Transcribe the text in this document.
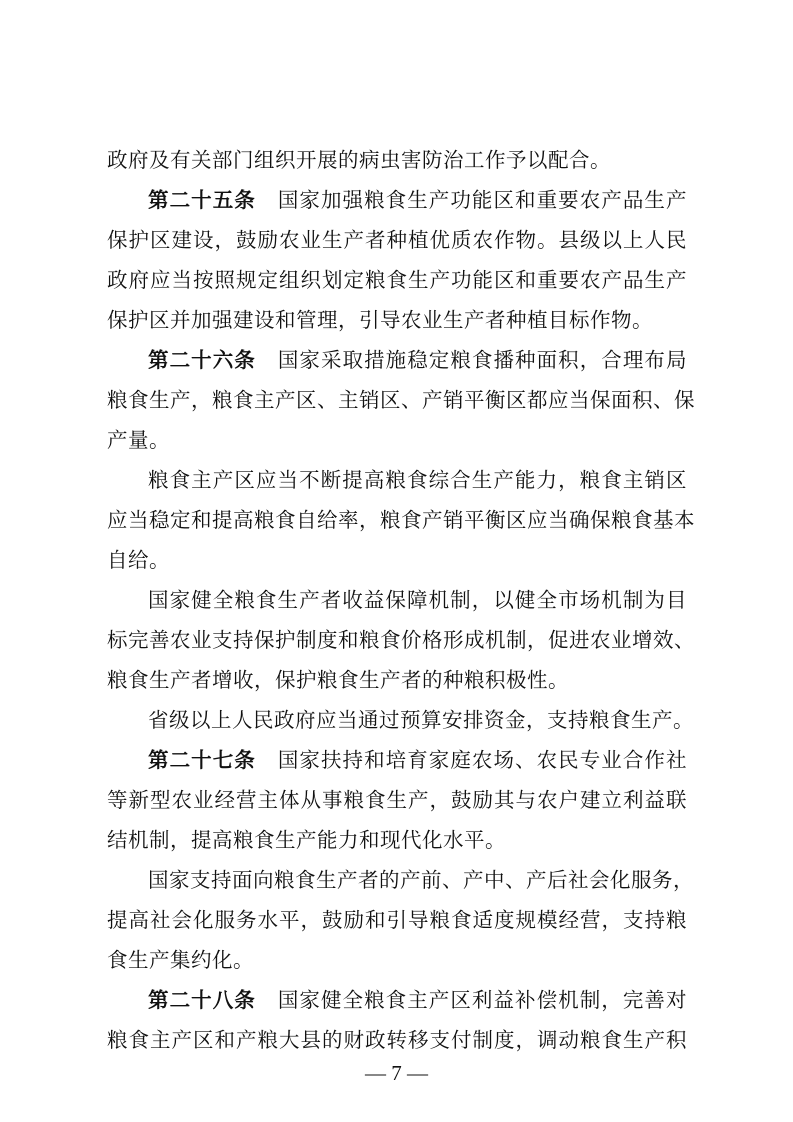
政府及有关部门组织开展的病虫害防治工作予以配合。
第二十五条 国家加强粮食生产功能区和重要农产品生产
保护区建设，鼓励农业生产者种植优质农作物。县级以上人民
政府应当按照规定组织划定粮食生产功能区和重要农产品生产
保护区并加强建设和管理，引导农业生产者种植目标作物。
第二十六条 国家采取措施稳定粮食播种面积，合理布局
粮食生产，粮食主产区、主销区、产销平衡区都应当保面积、保
产量。
粮食主产区应当不断提高粮食综合生产能力，粮食主销区
应当稳定和提高粮食自给率，粮食产销平衡区应当确保粮食基本
自给。
国家健全粮食生产者收益保障机制，以健全市场机制为目
标完善农业支持保护制度和粮食价格形成机制，促进农业增效、
粮食生产者增收，保护粮食生产者的种粮积极性。
省级以上人民政府应当通过预算安排资金，支持粮食生产。
第二十七条 国家扶持和培育家庭农场、农民专业合作社
等新型农业经营主体从事粮食生产，鼓励其与农户建立利益联
结机制，提高粮食生产能力和现代化水平。
国家支持面向粮食生产者的产前、产中、产后社会化服务，
提高社会化服务水平，鼓励和引导粮食适度规模经营，支持粮
食生产集约化。
第二十八条 国家健全粮食主产区利益补偿机制，完善对
粮食主产区和产粮大县的财政转移支付制度，调动粮食生产积
— 7 —
